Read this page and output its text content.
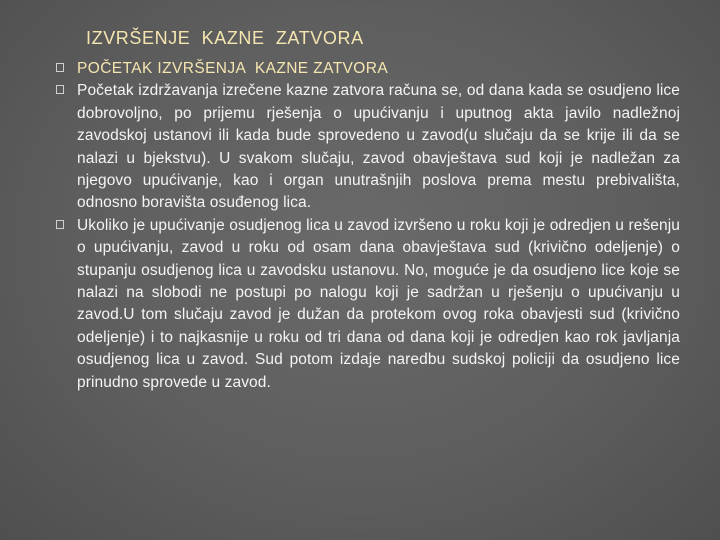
IZVRŠENJE  KAZNE  ZATVORA
POČETAK IZVRŠENJA  KAZNE ZATVORA
Početak izdržavanja izrečene kazne zatvora računa se, od dana kada se osudjeno lice dobrovoljno, po prijemu rješenja o upućivanju i uputnog akta javilo nadležnoj zavodskoj ustanovi ili kada bude sprovedeno u zavod(u slučaju da se krije ili da se nalazi u bjekstvu). U svakom slučaju, zavod obavještava sud koji je nadležan za njegovo upućivanje, kao i organ unutrašnjih poslova prema mestu prebivališta, odnosno boravišta osuđenog lica.
Ukoliko je upućivanje osudjenog lica u zavod izvršeno u roku koji je odredjen u rešenju o upućivanju, zavod u roku od osam dana obavještava sud (krivično odeljenje) o stupanju osudjenog lica u zavodsku ustanovu. No, moguće je da osudjeno lice koje se nalazi na slobodi ne postupi po nalogu koji je sadržan u rješenju o upućivanju u zavod.U tom slučaju zavod je dužan da protekom ovog roka obavjesti sud (krivično odeljenje) i to najkasnije u roku od tri dana od dana koji je odredjen kao rok javljanja osudjenog lica u zavod. Sud potom izdaje naredbu sudskoj policiji da osudjeno lice prinudno sprovede u zavod.
